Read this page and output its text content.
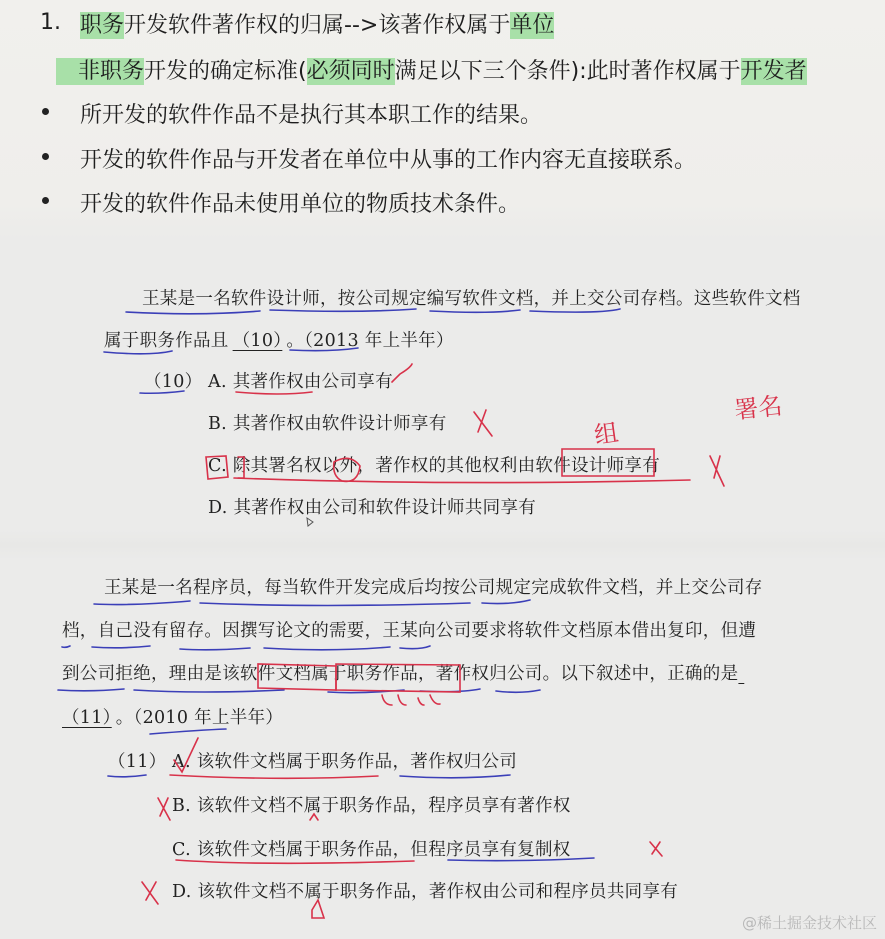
1. 职务开发软件著作权的归属-->该著作权属于单位
非职务开发的确定标准(必须同时满足以下三个条件):此时著作权属于开发者
所开发的软件作品不是执行其本职工作的结果。
开发的软件作品与开发者在单位中从事的工作内容无直接联系。
开发的软件作品未使用单位的物质技术条件。
王某是一名软件设计师，按公司规定编写软件文档，并上交公司存档。这些软件文档
属于职务作品且 （10） 。（2013 年上半年）
（10） A. 其著作权由公司享有
B. 其著作权由软件设计师享有
C. 除其署名权以外，著作权的其他权利由软件设计师享有
D. 其著作权由公司和软件设计师共同享有
组
署名
王某是一名程序员，每当软件开发完成后均按公司规定完成软件文档，并上交公司存
档，自己没有留存。因撰写论文的需要，王某向公司要求将软件文档原本借出复印，但遭
到公司拒绝，理由是该软件文档属于职务作品，著作权归公司。以下叙述中，正确的是
（11） 。（2010 年上半年）
（11） A. 该软件文档属于职务作品，著作权归公司
B. 该软件文档不属于职务作品，程序员享有著作权
C. 该软件文档属于职务作品，但程序员享有复制权
D. 该软件文档不属于职务作品，著作权由公司和程序员共同享有
@稀土掘金技术社区
